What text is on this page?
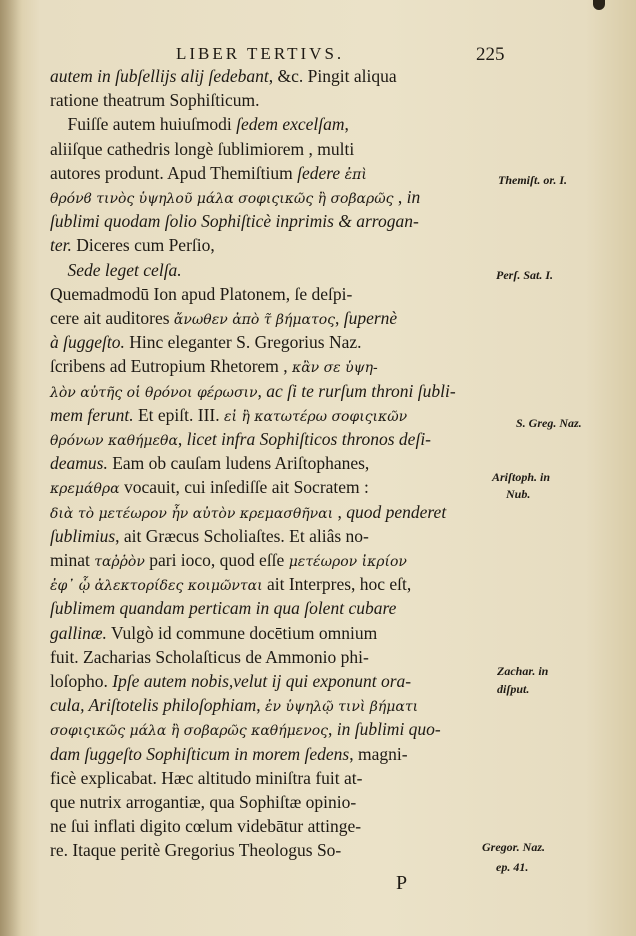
LIBER TERTIVS.	225

autem in ſubſellijs alij ſedebant, &c. Pingit aliqua

ratione theatrum Sophiſticum.

Fuiſſe autem huiuſmodi ſedem excelſam,

aliiſque cathedris longè ſublimiorem , multi

autores produnt. Apud Themiſtium ſedere ἐπὶ

θρόνϐ τινὸς ὑψηλοῦ μάλα σοφιςικῶς ἢ σοβαρῶς , in

ſublimi quodam ſolio Sophiſticè inprimis & arrogan-

ter. Diceres cum Perſio,

Sede leget celſa.

Quemadmodū Ion apud Platonem, ſe deſpi-

cere ait auditores ἄνωθεν ἀπὸ τ̃ βήματος, ſupernè

à ſuggeſto. Hinc eleganter S. Gregorius Naz.

ſcribens ad Eutropium Rhetorem , κἂν σε ὑψη-

λὸν αὐτῆς οἱ θρόνοι φέρωσιν, ac ſi te rurſum throni ſubli-

mem ferunt. Et epiſt. III. εἰ ἢ κατωτέρω σοφιςικῶν

θρόνων καθήμεθα, licet infra Sophiſticos thronos deſi-

deamus. Eam ob cauſam ludens Ariſtophanes,

κρεμάθρα vocauit, cui inſediſſe ait Socratem :

διὰ τὸ μετέωρον ἦν αὐτὸν κρεμασθῆναι , quod penderet

ſublimius, ait Græcus Scholiaſtes. Et aliâs no-

minat ταῤῥὸν pari ioco, quod eſſe μετέωρον ἰκρίον

ἐφ᾽ ᾧ ἀλεκτορίδες κοιμῶνται ait Interpres, hoc eſt,

ſublimem quandam perticam in qua ſolent cubare

gallinæ. Vulgò id commune docētium omnium

fuit. Zacharias Scholaſticus de Ammonio phi-

loſopho. Ipſe autem nobis,velut ij qui exponunt ora-

cula, Ariſtotelis philoſophiam, ἐν ὑψηλῷ τινὶ βήματι

σοφιςικῶς μάλα ἢ σοβαρῶς καθήμενος, in ſublimi quo-

dam ſuggeſto Sophiſticum in morem ſedens, magni-

ficè explicabat. Hæc altitudo miniſtra fuit at-

que nutrix arrogantiæ, qua Sophiſtæ opinio-

ne ſui inflati digito cœlum videbātur attinge-

re. Itaque peritè Gregorius Theologus So-

Themiſt. or. I.

Perſ. Sat. I.

S. Greg. Naz.

Ariſtoph. in

Nub.

Zachar. in

diſput.

Gregor. Naz.

ep. 41.

P
